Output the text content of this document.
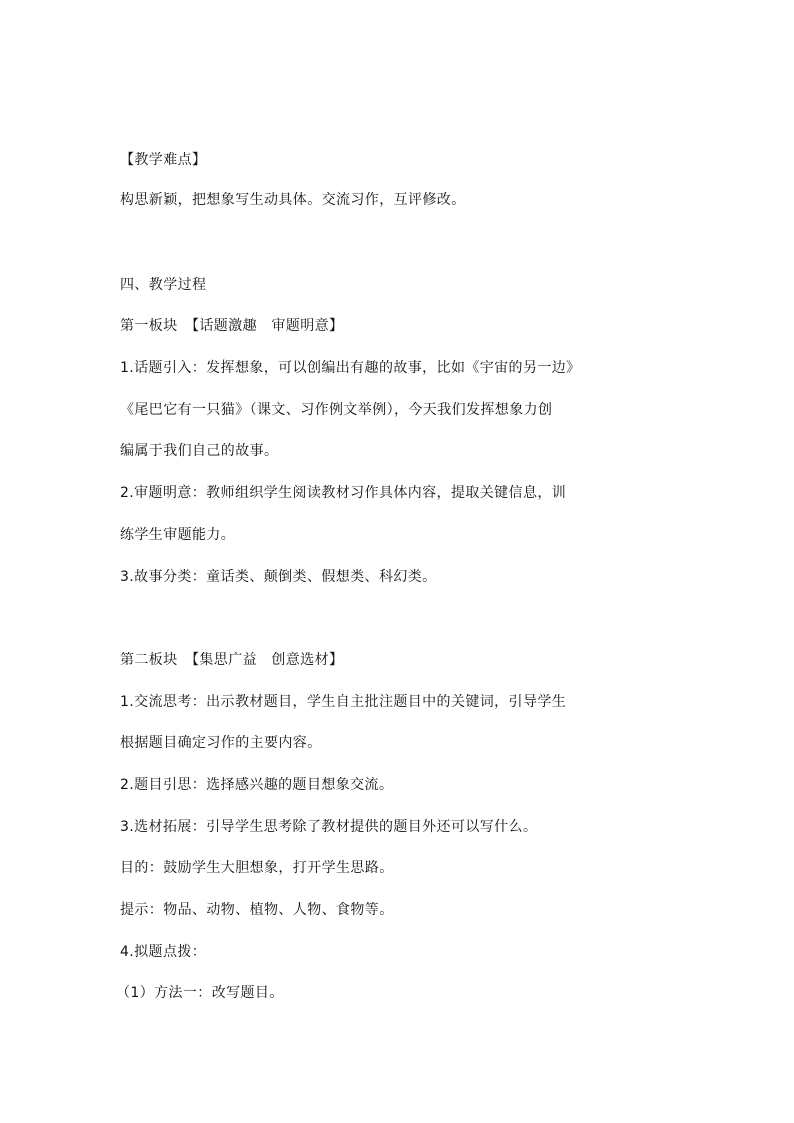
【教学难点】
构思新颖，把想象写生动具体。交流习作，互评修改。
四、教学过程
第一板块　【话题激趣　审题明意】
1.话题引入：发挥想象，可以创编出有趣的故事，比如《宇宙的另一边》
《尾巴它有一只猫》（课文、习作例文举例），今天我们发挥想象力创
编属于我们自己的故事。
2.审题明意：教师组织学生阅读教材习作具体内容，提取关键信息，训
练学生审题能力。
3.故事分类：童话类、颠倒类、假想类、科幻类。
第二板块　【集思广益　创意选材】
1.交流思考：出示教材题目，学生自主批注题目中的关键词，引导学生
根据题目确定习作的主要内容。
2.题目引思：选择感兴趣的题目想象交流。
3.选材拓展：引导学生思考除了教材提供的题目外还可以写什么。
目的：鼓励学生大胆想象，打开学生思路。
提示：物品、动物、植物、人物、食物等。
4.拟题点拨：
（1）方法一：改写题目。
